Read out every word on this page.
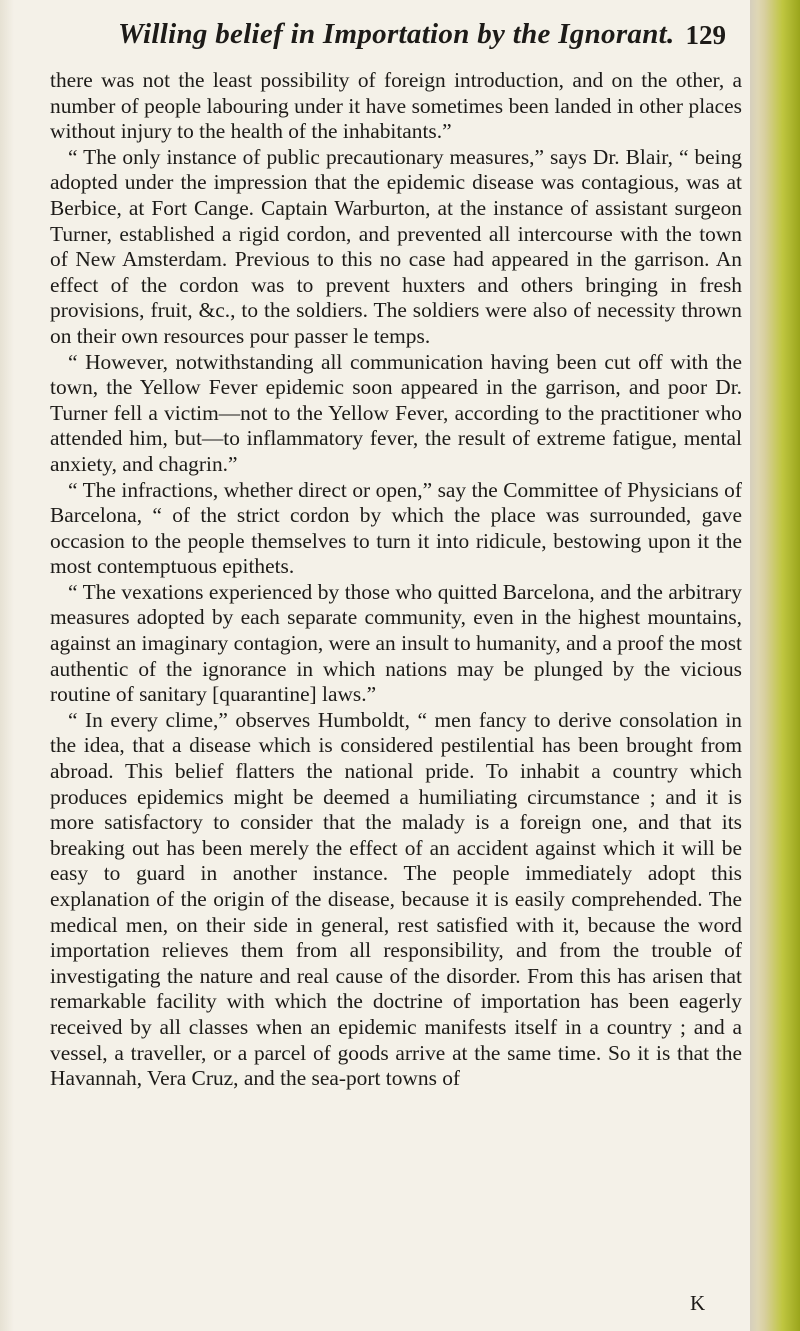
Willing belief in Importation by the Ignorant. 129

there was not the least possibility of foreign introduction, and on the other, a number of people labouring under it have sometimes been landed in other places without injury to the health of the inhabitants.”

“ The only instance of public precautionary measures,” says Dr. Blair, “ being adopted under the impression that the epidemic disease was contagious, was at Berbice, at Fort Cange. Captain Warburton, at the instance of assistant surgeon Turner, established a rigid cordon, and prevented all intercourse with the town of New Amsterdam. Previous to this no case had appeared in the garrison. An effect of the cordon was to prevent huxters and others bringing in fresh provisions, fruit, &c., to the soldiers. The soldiers were also of necessity thrown on their own resources pour passer le temps.

“ However, notwithstanding all communication having been cut off with the town, the Yellow Fever epidemic soon appeared in the garrison, and poor Dr. Turner fell a victim—not to the Yellow Fever, according to the practitioner who attended him, but—to inflammatory fever, the result of extreme fatigue, mental anxiety, and chagrin.”

“ The infractions, whether direct or open,” say the Committee of Physicians of Barcelona, “ of the strict cordon by which the place was surrounded, gave occasion to the people themselves to turn it into ridicule, bestowing upon it the most contemptuous epithets.

“ The vexations experienced by those who quitted Barcelona, and the arbitrary measures adopted by each separate community, even in the highest mountains, against an imaginary contagion, were an insult to humanity, and a proof the most authentic of the ignorance in which nations may be plunged by the vicious routine of sanitary [quarantine] laws.”

“ In every clime,” observes Humboldt, “ men fancy to derive consolation in the idea, that a disease which is considered pestilential has been brought from abroad. This belief flatters the national pride. To inhabit a country which produces epidemics might be deemed a humiliating circumstance ; and it is more satisfactory to consider that the malady is a foreign one, and that its breaking out has been merely the effect of an accident against which it will be easy to guard in another instance. The people immediately adopt this explanation of the origin of the disease, because it is easily comprehended. The medical men, on their side in general, rest satisfied with it, because the word importation relieves them from all responsibility, and from the trouble of investigating the nature and real cause of the disorder. From this has arisen that remarkable facility with which the doctrine of importation has been eagerly received by all classes when an epidemic manifests itself in a country ; and a vessel, a traveller, or a parcel of goods arrive at the same time. So it is that the Havannah, Vera Cruz, and the sea-port towns of

K
